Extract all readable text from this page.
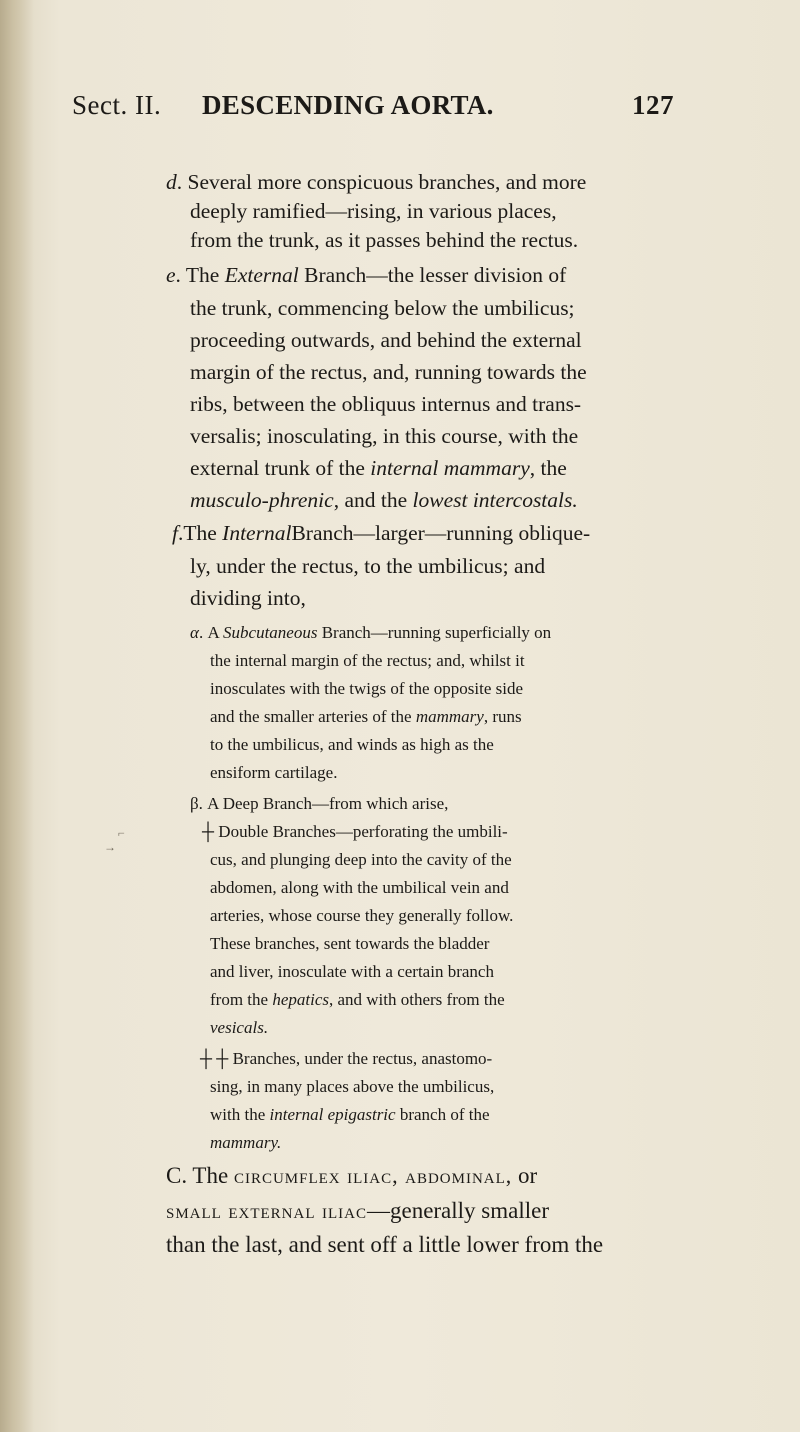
Sect. II. DESCENDING AORTA.	127
d. Several more conspicuous branches, and more
deeply ramified—rising, in various places,
from the trunk, as it passes behind the rectus.
e. The External Branch—the lesser division of
the trunk, commencing below the umbilicus;
proceeding outwards, and behind the external
margin of the rectus, and, running towards the
ribs, between the obliquus internus and trans-
versalis; inosculating, in this course, with the
external trunk of the internal mammary, the
musculo-phrenic, and the lowest intercostals.
f.The InternalBranch—larger—running oblique-
ly, under the rectus, to the umbilicus; and
dividing into,
α. A Subcutaneous Branch—running superficially on
the internal margin of the rectus; and, whilst it
inosculates with the twigs of the opposite side
and the smaller arteries of the mammary, runs
to the umbilicus, and winds as high as the
ensiform cartilage.
β. A Deep Branch—from which arise,
┼ Double Branches—perforating the umbili-
cus, and plunging deep into the cavity of the
abdomen, along with the umbilical vein and
arteries, whose course they generally follow.
These branches, sent towards the bladder
and liver, inosculate with a certain branch
from the hepatics, and with others from the
vesicals.
┼ ┼ Branches, under the rectus, anastomo-
sing, in many places above the umbilicus,
with the internal epigastric branch of the
mammary.
C. The circumflex iliac, abdominal, or
small external iliac—generally smaller
than the last, and sent off a little lower from the
⌐
→
